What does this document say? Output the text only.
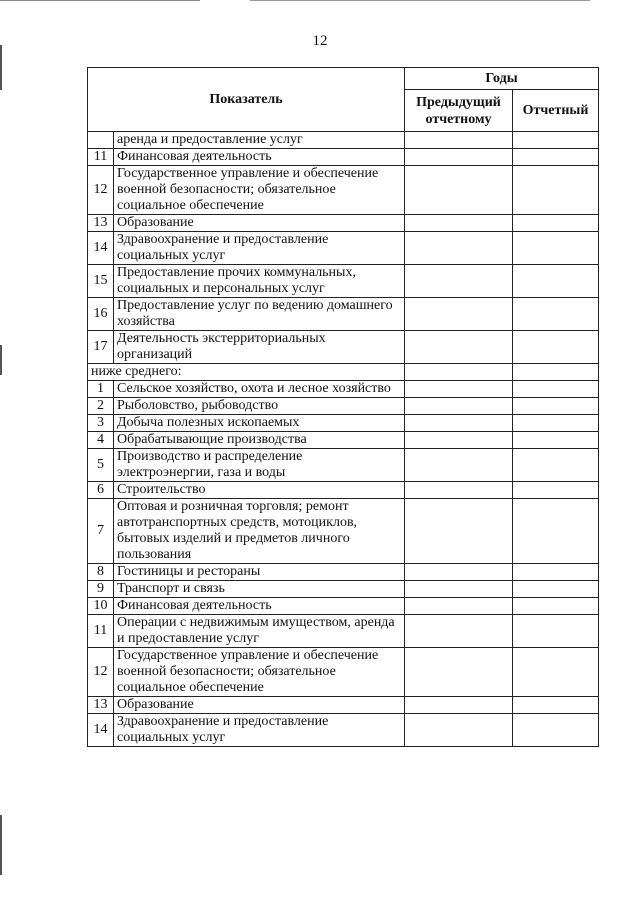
12
Показатель		Годы	
		Предыдущий отчетному	Отчетный
	аренда и предоставление услуг		
11	Финансовая деятельность		
12	Государственное управление и обеспечение военной безопасности; обязательное социальное обеспечение		
13	Образование		
14	Здравоохранение и предоставление социальных услуг		
15	Предоставление прочих коммунальных, социальных и персональных услуг		
16	Предоставление услуг по ведению домашнего хозяйства		
17	Деятельность экстерриториальных организаций		
ниже среднего:			
1	Сельское хозяйство, охота и лесное хозяйство		
2	Рыболовство, рыбоводство		
3	Добыча полезных ископаемых		
4	Обрабатывающие производства		
5	Производство и распределение электроэнергии, газа и воды		
6	Строительство		
7	Оптовая и розничная торговля; ремонт автотранспортных средств, мотоциклов, бытовых изделий и предметов личного пользования		
8	Гостиницы и рестораны		
9	Транспорт и связь		
10	Финансовая деятельность		
11	Операции с недвижимым имуществом, аренда и предоставление услуг		
12	Государственное управление и обеспечение военной безопасности; обязательное социальное обеспечение		
13	Образование		
14	Здравоохранение и предоставление социальных услуг		
